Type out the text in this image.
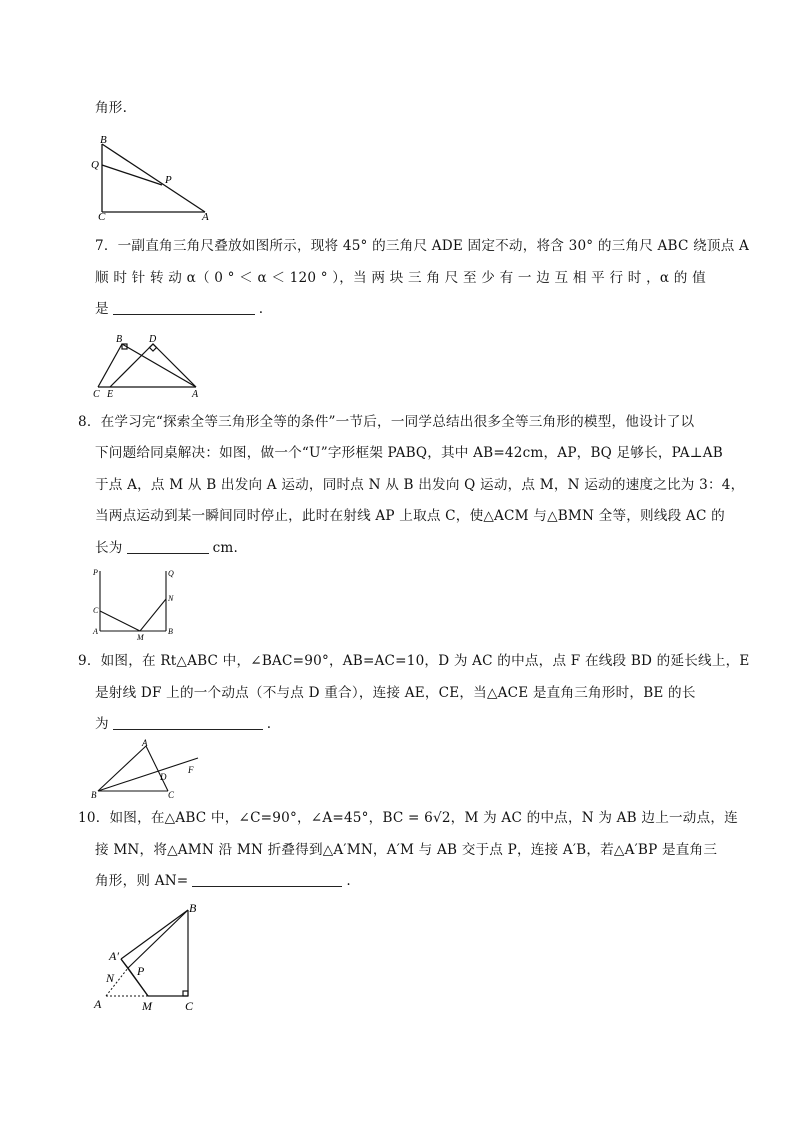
角形.
B
Q
P
C	A
7．一副直角三角尺叠放如图所示，现将 45° 的三角尺 ADE 固定不动，将含 30° 的三角尺 ABC 绕顶点 A
顺 时 针 转 动 α（ 0 ° ＜ α ＜ 120 ° ），当 两 块 三 角 尺 至 少 有 一 边 互 相 平 行 时 ，α 的 值
是	.
B	D
C E	A
8．在学习完“探索全等三角形全等的条件”一节后，一同学总结出很多全等三角形的模型，他设计了以
下问题给同桌解决：如图，做一个“U”字形框架 PABQ，其中 AB=42cm，AP，BQ 足够长，PA⊥AB
于点 A，点 M 从 B 出发向 A 运动，同时点 N 从 B 出发向 Q 运动，点 M，N 运动的速度之比为 3：4，
当两点运动到某一瞬间同时停止，此时在射线 AP 上取点 C，使△ACM 与△BMN 全等，则线段 AC 的
长为	cm.
P	Q
N
C
A
M
B
9．如图，在 Rt△ABC 中，∠BAC=90°，AB=AC=10，D 为 AC 的中点，点 F 在线段 BD 的延长线上，E
是射线 DF 上的一个动点（不与点 D 重合），连接 AE，CE，当△ACE 是直角三角形时，BE 的长
为	.
A
D
F
B	C
10．如图，在△ABC 中，∠C=90°，∠A=45°，BC = 6√2，M 为 AC 的中点，N 为 AB 边上一动点，连
接 MN，将△AMN 沿 MN 折叠得到△A′MN，A′M 与 AB 交于点 P，连接 A′B，若△A′BP 是直角三
角形，则 AN=	.
B
A′
N P
A	M	C
